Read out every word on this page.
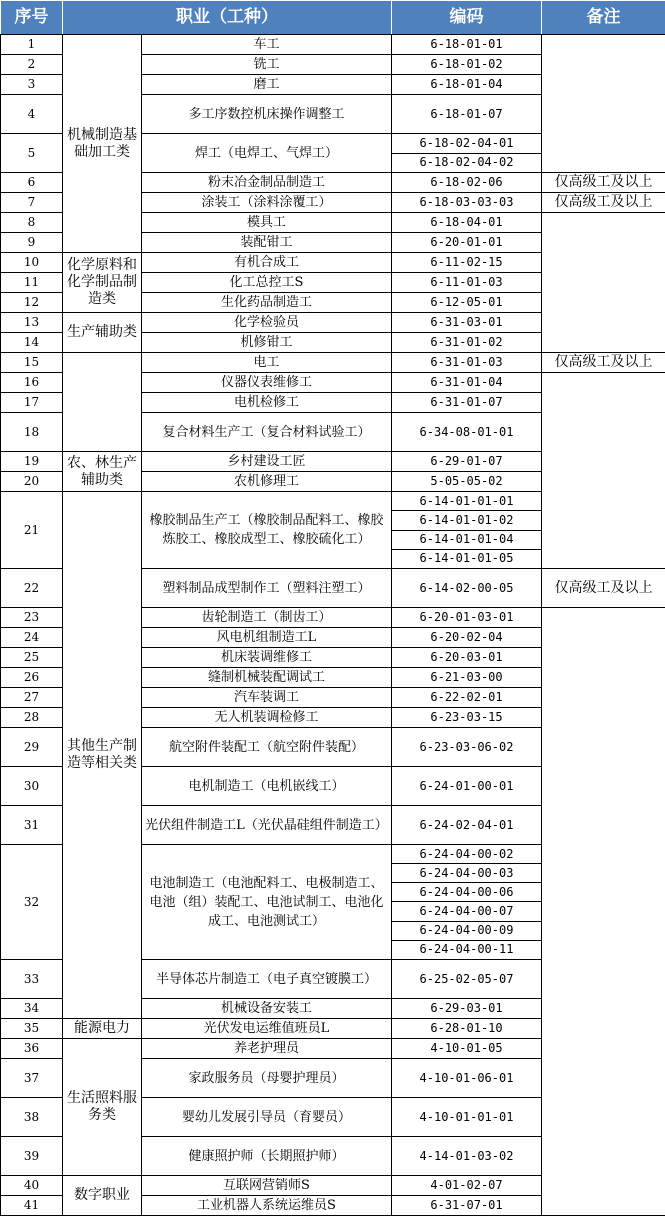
序号	职业（工种）		编码	备注
1	机械制造基础加工类	车工	6-18-01-01	
2		铣工	6-18-01-02	
3		磨工	6-18-01-04	
4		多工序数控机床操作调整工	6-18-01-07	
5		焊工（电焊工、气焊工）	6-18-02-04-01	
			6-18-02-04-02	
6		粉末冶金制品制造工	6-18-02-06	仅高级工及以上
7		涂装工（涂料涂覆工）	6-18-03-03-03	仅高级工及以上
8		模具工	6-18-04-01	
9		装配钳工	6-20-01-01	
10	化学原料和化学制品制造类	有机合成工	6-11-02-15	
11		化工总控工S	6-11-01-03	
12		生化药品制造工	6-12-05-01	
13	生产辅助类	化学检验员	6-31-03-01	
14		机修钳工	6-31-01-02	
15		电工	6-31-01-03	仅高级工及以上
16		仪器仪表维修工	6-31-01-04	
17		电机检修工	6-31-01-07	
18		复合材料生产工（复合材料试验工）	6-34-08-01-01	
19	农、林生产辅助类	乡村建设工匠	6-29-01-07	
20		农机修理工	5-05-05-02	
21	其他生产制造等相关类	橡胶制品生产工（橡胶制品配料工、橡胶炼胶工、橡胶成型工、橡胶硫化工）	6-14-01-01-01	
			6-14-01-01-02	
			6-14-01-01-04	
			6-14-01-01-05	
22		塑料制品成型制作工（塑料注塑工）	6-14-02-00-05	仅高级工及以上
23		齿轮制造工（制齿工）	6-20-01-03-01	
24		风电机组制造工L	6-20-02-04	
25		机床装调维修工	6-20-03-01	
26		缝制机械装配调试工	6-21-03-00	
27		汽车装调工	6-22-02-01	
28		无人机装调检修工	6-23-03-15	
29		航空附件装配工（航空附件装配）	6-23-03-06-02	
30		电机制造工（电机嵌线工）	6-24-01-00-01	
31		光伏组件制造工L（光伏晶硅组件制造工）	6-24-02-04-01	
32		电池制造工（电池配料工、电极制造工、电池（组）装配工、电池试制工、电池化成工、电池测试工）	6-24-04-00-02	
			6-24-04-00-03	
			6-24-04-00-06	
			6-24-04-00-07	
			6-24-04-00-09	
			6-24-04-00-11	
33		半导体芯片制造工（电子真空镀膜工）	6-25-02-05-07	
34		机械设备安装工	6-29-03-01	
35	能源电力	光伏发电运维值班员L	6-28-01-10	
36	生活照料服务类	养老护理员	4-10-01-05	
37		家政服务员（母婴护理员）	4-10-01-06-01	
38		婴幼儿发展引导员（育婴员）	4-10-01-01-01	
39		健康照护师（长期照护师）	4-14-01-03-02	
40	数字职业	互联网营销师S	4-01-02-07	
41		工业机器人系统运维员S	6-31-07-01	
